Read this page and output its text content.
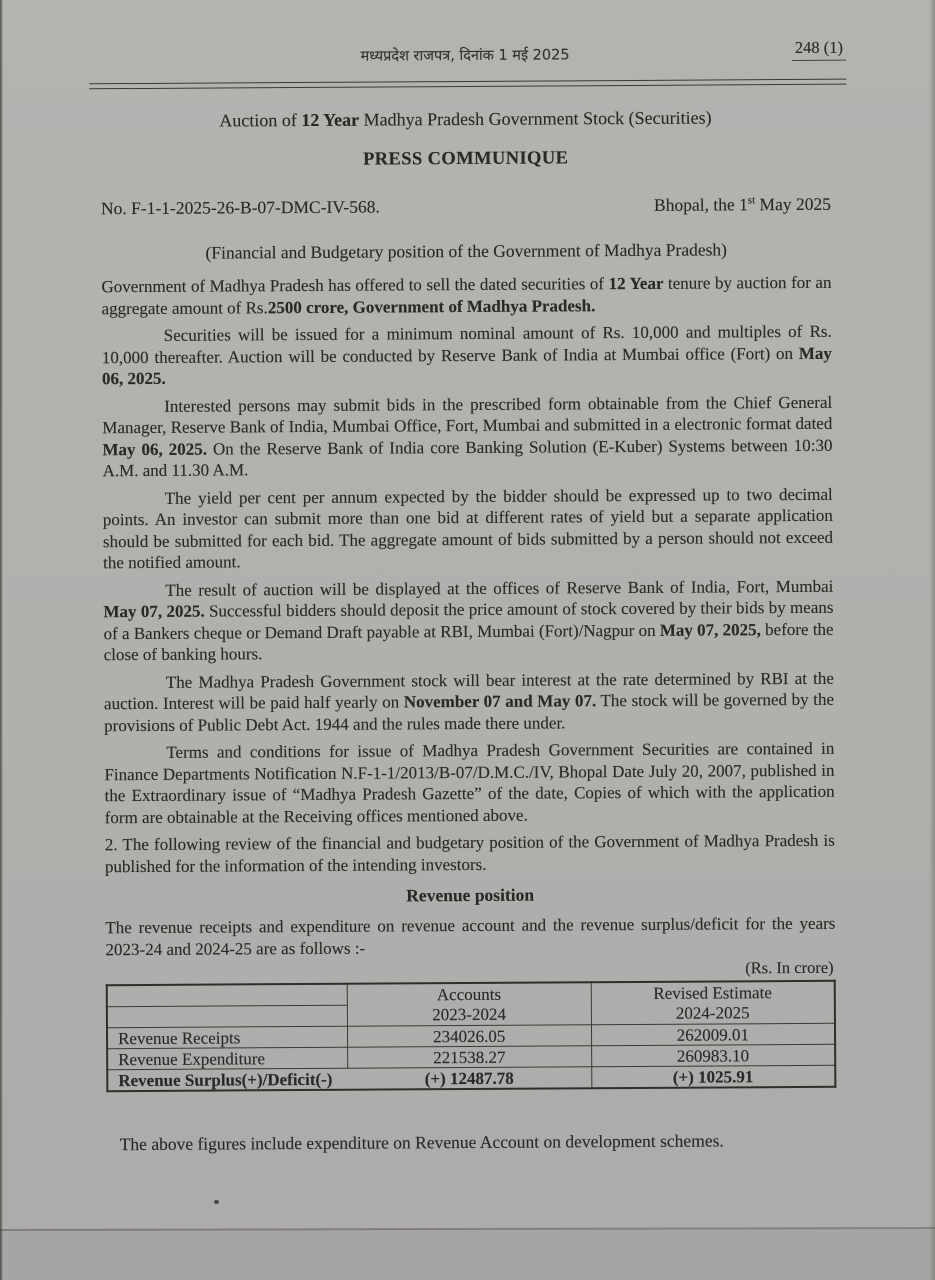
मध्यप्रदेश राजपत्र, दिनांक 1 मई 2025	248 (1)
Auction of 12 Year Madhya Pradesh Government Stock (Securities)
PRESS COMMUNIQUE
No. F-1-1-2025-26-B-07-DMC-IV-568.	Bhopal, the 1st May 2025
(Financial and Budgetary position of the Government of Madhya Pradesh)

Government of Madhya Pradesh has offered to sell the dated securities of 12 Year tenure by auction for an aggregate amount of Rs.2500 crore, Government of Madhya Pradesh.

Securities will be issued for a minimum nominal amount of Rs. 10,000 and multiples of Rs. 10,000 thereafter. Auction will be conducted by Reserve Bank of India at Mumbai office (Fort) on May 06, 2025.

Interested persons may submit bids in the prescribed form obtainable from the Chief General Manager, Reserve Bank of India, Mumbai Office, Fort, Mumbai and submitted in a electronic format dated May 06, 2025. On the Reserve Bank of India core Banking Solution (E-Kuber) Systems between 10:30 A.M. and 11.30 A.M.

The yield per cent per annum expected by the bidder should be expressed up to two decimal points. An investor can submit more than one bid at different rates of yield but a separate application should be submitted for each bid. The aggregate amount of bids submitted by a person should not exceed the notified amount.

The result of auction will be displayed at the offices of Reserve Bank of India, Fort, Mumbai May 07, 2025. Successful bidders should deposit the price amount of stock covered by their bids by means of a Bankers cheque or Demand Draft payable at RBI, Mumbai (Fort)/Nagpur on May 07, 2025, before the close of banking hours.

The Madhya Pradesh Government stock will bear interest at the rate determined by RBI at the auction. Interest will be paid half yearly on November 07 and May 07. The stock will be governed by the provisions of Public Debt Act. 1944 and the rules made there under.

Terms and conditions for issue of Madhya Pradesh Government Securities are contained in Finance Departments Notification N.F-1-1/2013/B-07/D.M.C./IV, Bhopal Date July 20, 2007, published in the Extraordinary issue of “Madhya Pradesh Gazette” of the date, Copies of which with the application form are obtainable at the Receiving offices mentioned above.

2. The following review of the financial and budgetary position of the Government of Madhya Pradesh is published for the information of the intending investors.

Revenue position
The revenue receipts and expenditure on revenue account and the revenue surplus/deficit for the years 2023-24 and 2024-25 are as follows :-
(Rs. In crore)
	Accounts	Revised Estimate
	2023-2024	2024-2025
Revenue Receipts	234026.05	262009.01
Revenue Expenditure	221538.27	260983.10
Revenue Surplus(+)/Deficit(-)	(+) 12487.78	(+) 1025.91
The above figures include expenditure on Revenue Account on development schemes.
